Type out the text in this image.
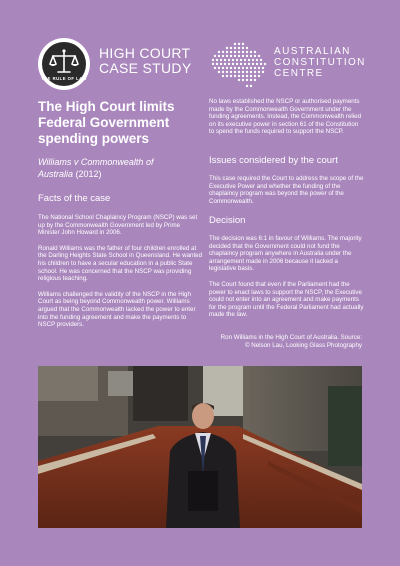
THE RULE OF LAW
HIGH COURT
CASE STUDY
AUSTRALIAN
CONSTITUTION
CENTRE
The High Court limits Federal Government spending powers
Williams v Commonwealth of
Australia (2012)
Facts of the case

The National School Chaplaincy Program (NSCP) was set up by the Commonwealth Government led by Prime Minister John Howard in 2006.

Ronald Williams was the father of four children enrolled at the Darling Heights State School in Queensland. He wanted his children to have a secular education in a public State school. He was concerned that the NSCP was providing religious teaching.

Williams challenged the validity of the NSCP in the High Court as being beyond Commonwealth power. Williams argued that the Commonwealth lacked the power to enter into the funding agreement and make the payments to NSCP providers.

No laws established the NSCP or authorised payments made by the Commonwealth Government under the funding agreements. Instead, the Commonwealth relied on its executive power in section 61 of the Constitution to spend the funds required to support the NSCP.

Issues considered by the court

This case required the Court to address the scope of the Executive Power and whether the funding of the chaplaincy program was beyond the power of the Commonwealth.

Decision

The decision was 6:1 in favour of Williams. The majority decided that the Government could not fund the chaplaincy program anywhere in Australia under the arrangement made in 2006 because it lacked a legislative basis.

The Court found that even if the Parliament had the power to enact laws to support the NSCP, the Executive could not enter into an agreement and make payments for the program until the Federal Parliament had actually made the law.

Ron Williams in the High Court of Australia. Source: © Nelson Lau, Looking Glass Photography
